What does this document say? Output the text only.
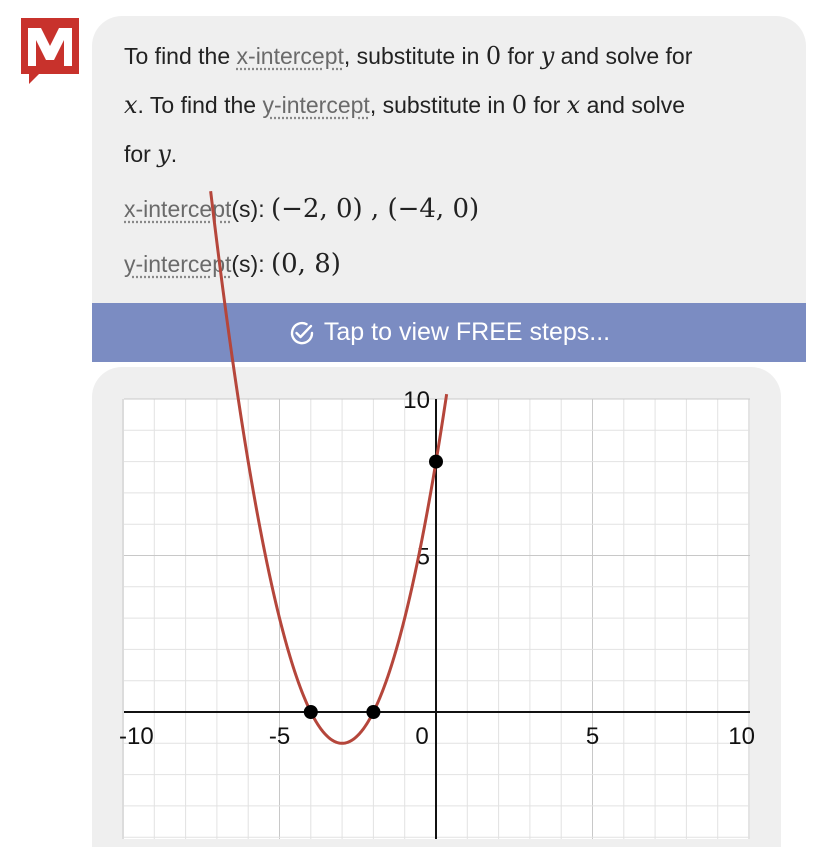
To find the x-intercept, substitute in 0 for y and solve for
x. To find the y-intercept, substitute in 0 for x and solve
for y.
x-intercept(s): (−2, 0) , (−4, 0)
y-intercept(s): (0, 8)
Tap to view FREE steps...
-10	-5	0	5	10
10
5
